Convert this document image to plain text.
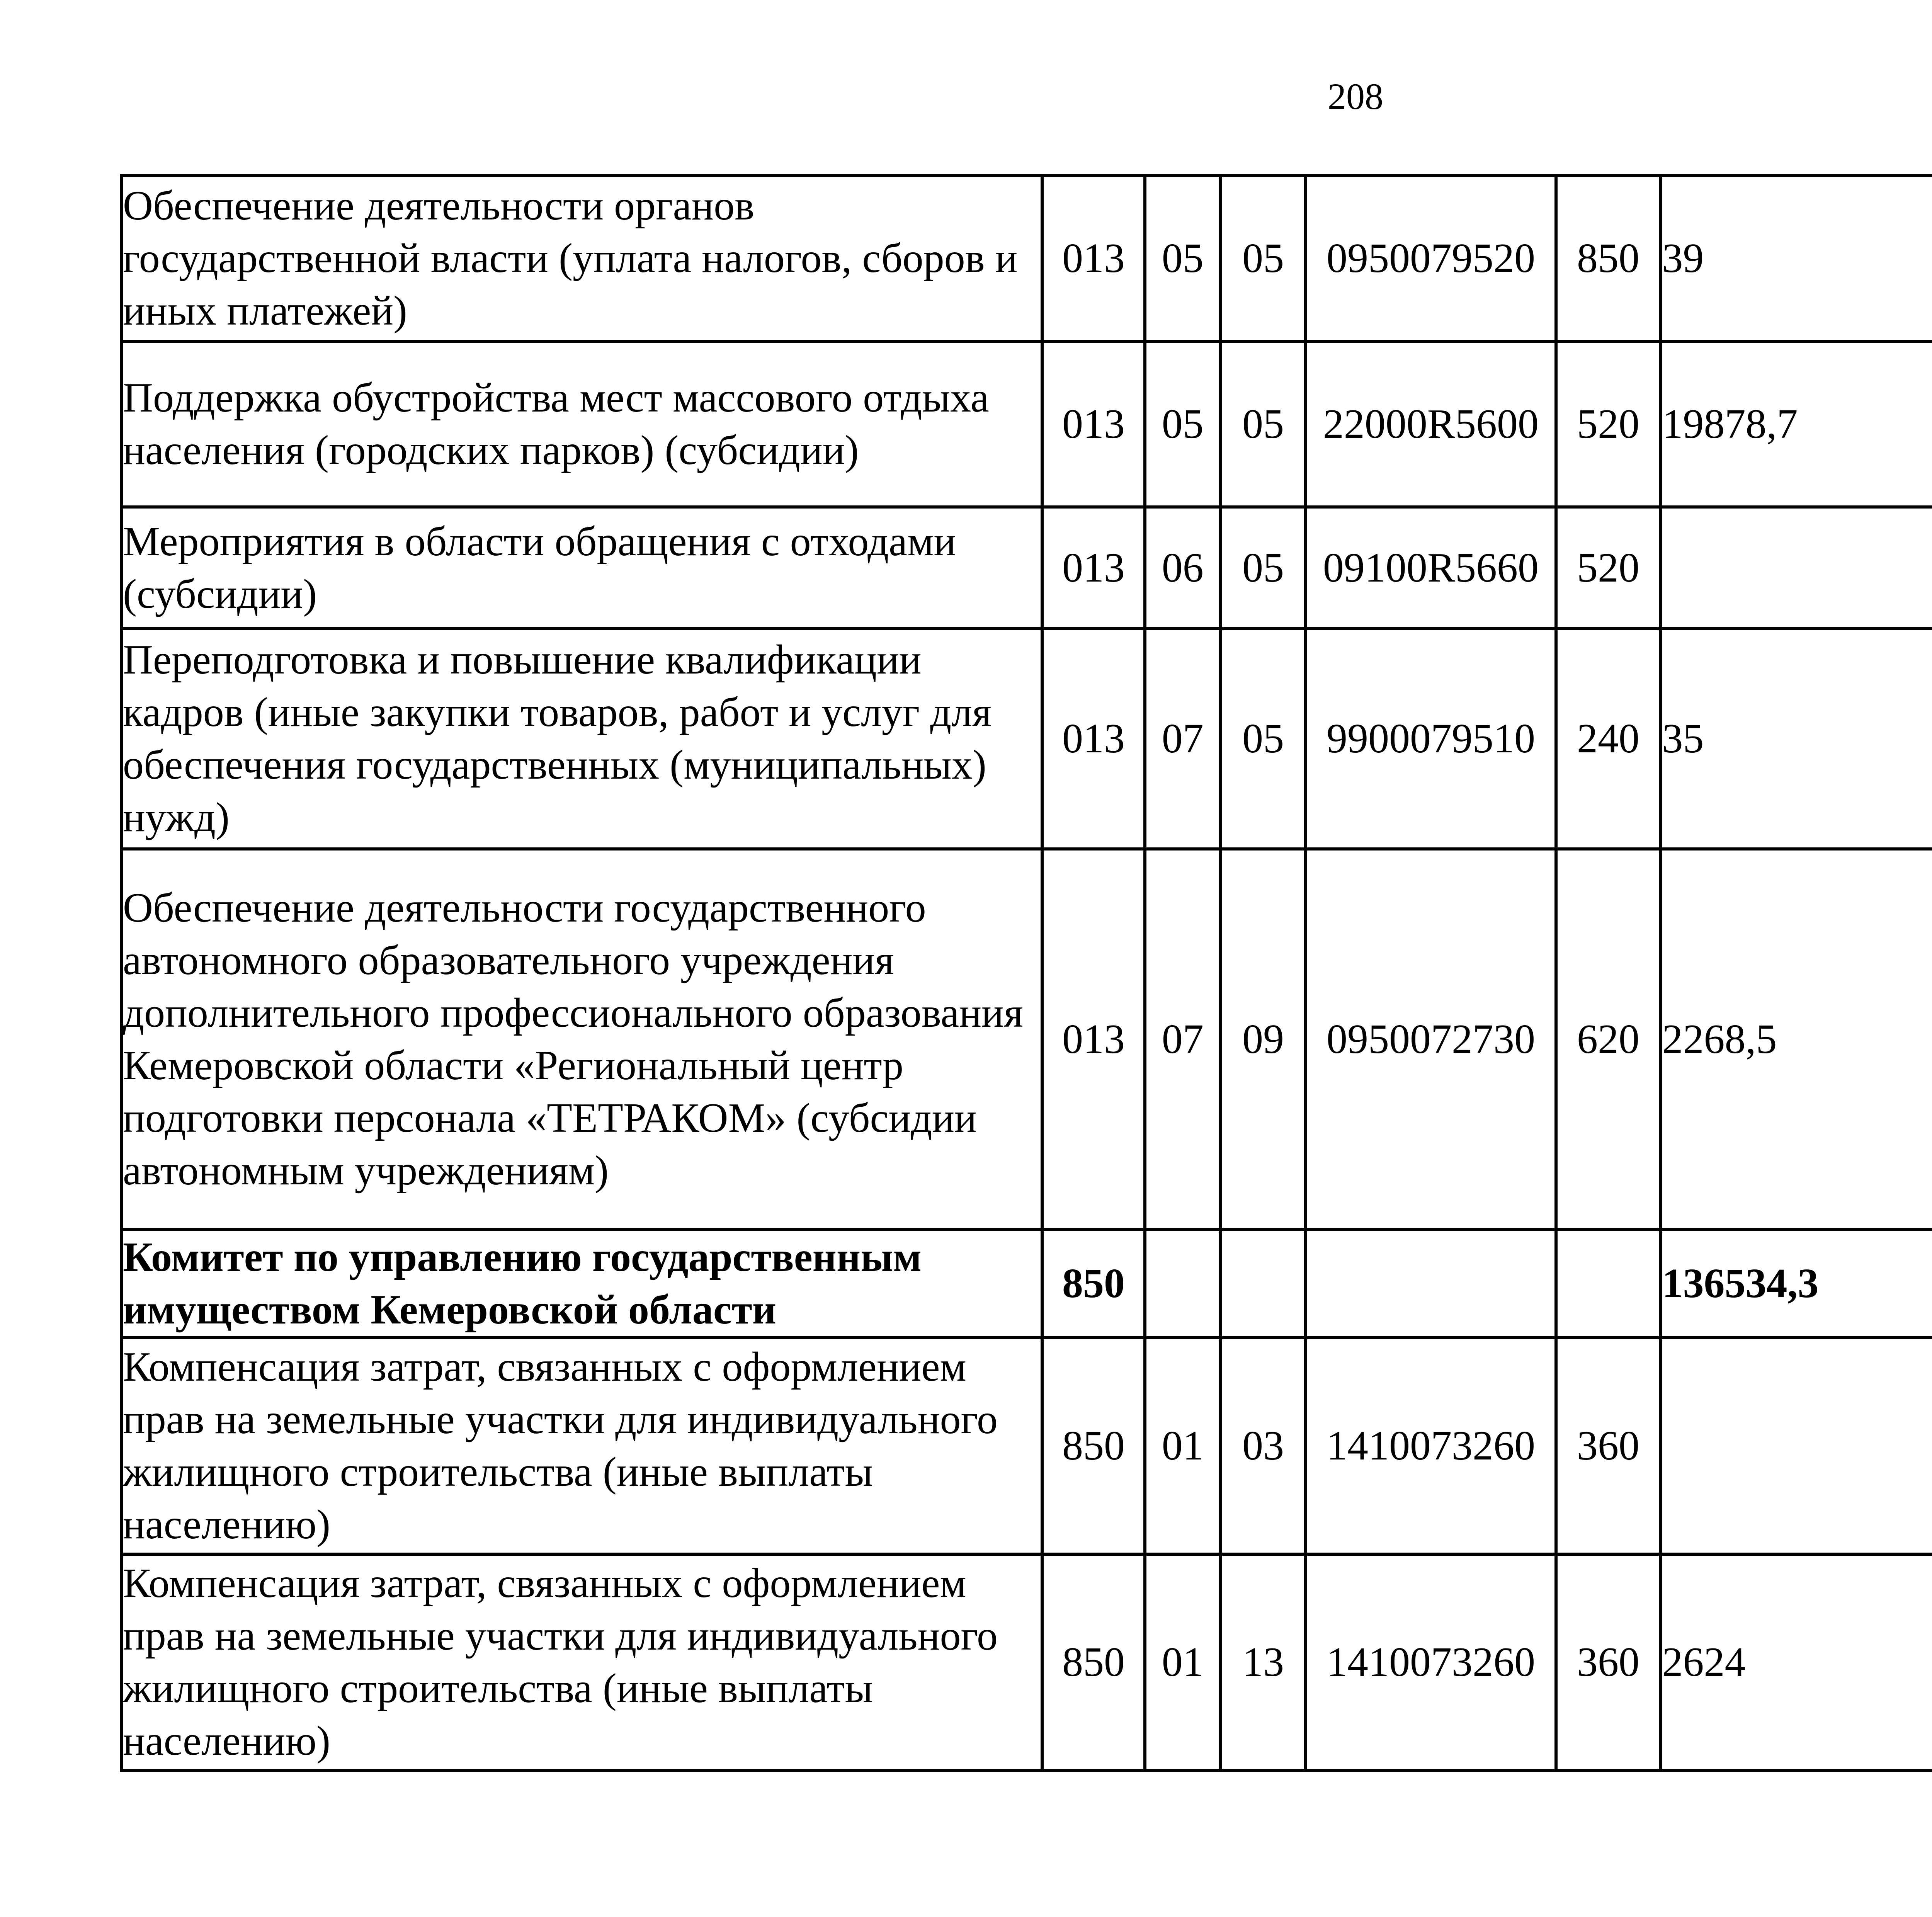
208
Обеспечение деятельности органов государственной власти (уплата налогов, сборов и иных платежей)	013	05	05	0950079520	850	39		
Поддержка обустройства мест массового отдыха населения (городских парков) (субсидии)	013	05	05	22000R5600	520	19878,7		
Мероприятия в области обращения с отходами (субсидии)	013	06	05	09100R5660	520			
Переподготовка и повышение квалификации кадров (иные закупки товаров, работ и услуг для обеспечения государственных (муниципальных) нужд)	013	07	05	9900079510	240	35		
Обеспечение деятельности государственного автономного образовательного учреждения дополнительного профессионального образования Кемеровской области «Региональный центр подготовки персонала «ТЕТРАКОМ» (субсидии автономным учреждениям)	013	07	09	0950072730	620	2268,5		
Комитет по управлению государственным имуществом Кемеровской области	850					136534,3		
Компенсация затрат, связанных с оформлением прав на земельные участки для индивидуального жилищного строительства (иные выплаты населению)	850	01	03	1410073260	360			
Компенсация затрат, связанных с оформлением прав на земельные участки для индивидуального жилищного строительства (иные выплаты населению)	850	01	13	1410073260	360	2624		
